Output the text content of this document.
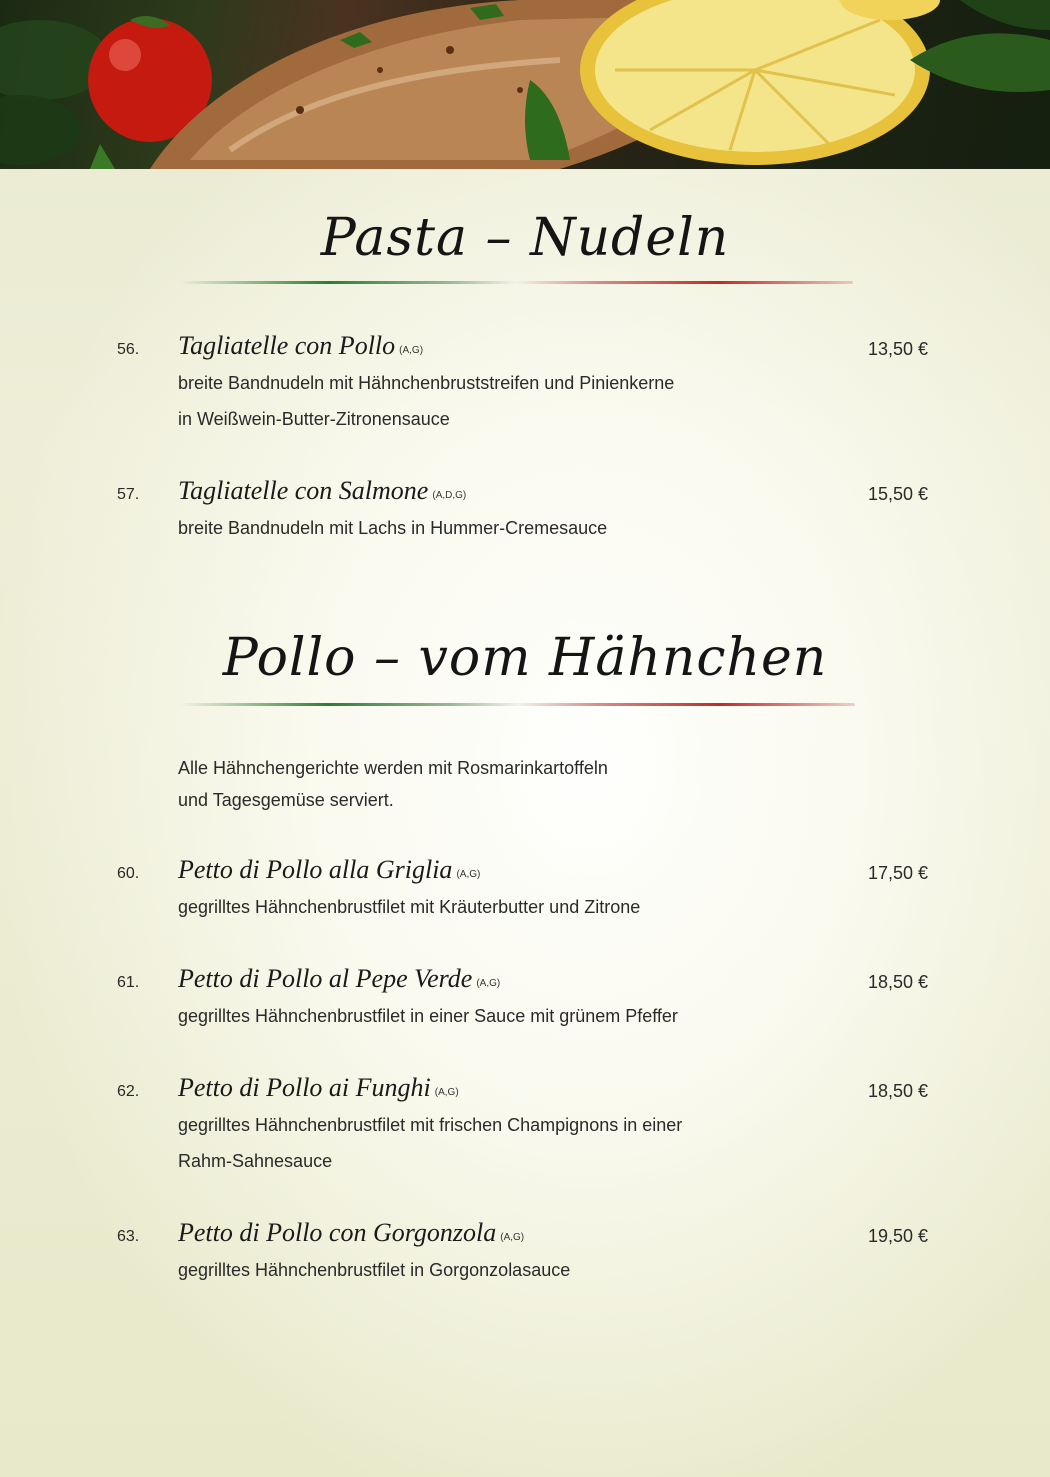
Pasta – Nudeln
56. Tagliatelle con Pollo (A,G)	13,50 €
breite Bandnudeln mit Hähnchenbruststreifen und Pinienkerne
in Weißwein-Butter-Zitronensauce
57. Tagliatelle con Salmone (A,D,G)	15,50 €
breite Bandnudeln mit Lachs in Hummer-Cremesauce
Pollo – vom Hähnchen
Alle Hähnchengerichte werden mit Rosmarinkartoffeln
und Tagesgemüse serviert.
60. Petto di Pollo alla Griglia (A,G)	17,50 €
gegrilltes Hähnchenbrustfilet mit Kräuterbutter und Zitrone
61. Petto di Pollo al Pepe Verde (A,G)	18,50 €
gegrilltes Hähnchenbrustfilet in einer Sauce mit grünem Pfeffer
62. Petto di Pollo ai Funghi (A,G)	18,50 €
gegrilltes Hähnchenbrustfilet mit frischen Champignons in einer
Rahm-Sahnesauce
63. Petto di Pollo con Gorgonzola (A,G)	19,50 €
gegrilltes Hähnchenbrustfilet in Gorgonzolasauce
